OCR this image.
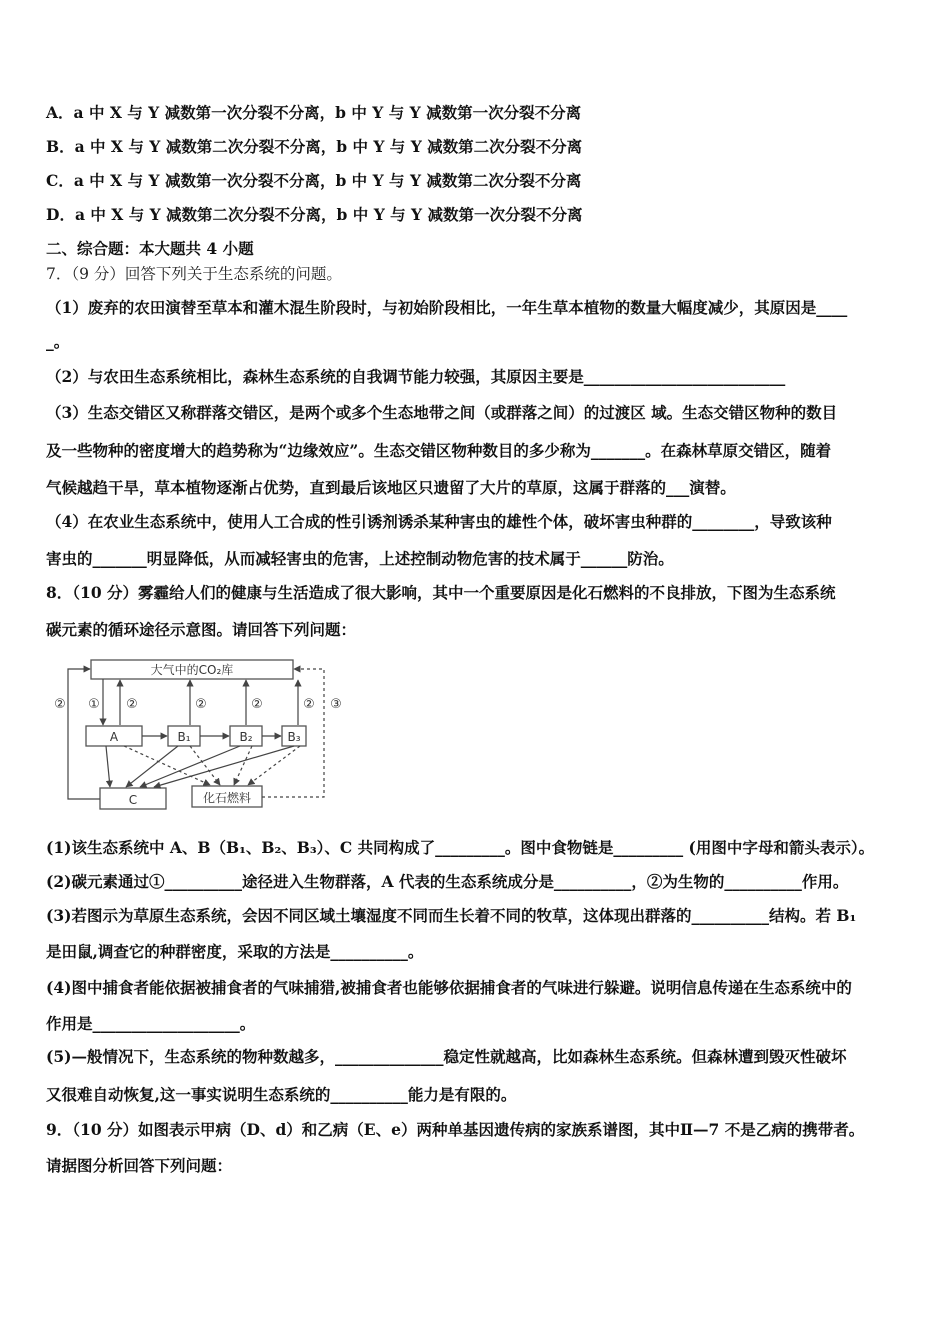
A．a 中 X 与 Y 减数第一次分裂不分离，b 中 Y 与 Y 减数第一次分裂不分离
B．a 中 X 与 Y 减数第二次分裂不分离，b 中 Y 与 Y 减数第二次分裂不分离
C．a 中 X 与 Y 减数第一次分裂不分离，b 中 Y 与 Y 减数第二次分裂不分离
D．a 中 X 与 Y 减数第二次分裂不分离，b 中 Y 与 Y 减数第一次分裂不分离
二、综合题：本大题共 4 小题
7．（9 分）回答下列关于生态系统的问题。
（1）废弃的农田演替至草本和灌木混生阶段时，与初始阶段相比，一年生草本植物的数量大幅度减少，其原因是____
_。
（2）与农田生态系统相比，森林生态系统的自我调节能力较强，其原因主要是__________________________
（3）生态交错区又称群落交错区，是两个或多个生态地带之间（或群落之间）的过渡区 域。生态交错区物种的数目
及一些物种的密度增大的趋势称为“边缘效应”。生态交错区物种数目的多少称为_______。在森林草原交错区，随着
气候越趋干旱，草本植物逐渐占优势，直到最后该地区只遗留了大片的草原，这属于群落的___演替。
（4）在农业生态系统中，使用人工合成的性引诱剂诱杀某种害虫的雄性个体，破坏害虫种群的________，导致该种
害虫的_______明显降低，从而减轻害虫的危害，上述控制动物危害的技术属于______防治。
8．（10 分）雾霾给人们的健康与生活造成了很大影响，其中一个重要原因是化石燃料的不良排放，下图为生态系统
碳元素的循环途径示意图。请回答下列问题：
大气中的CO₂库
A	B₁	B₂	B₃
C	化石燃料
① ②	②	②	②
②	③
(1)该生态系统中 A、B（B₁、B₂、B₃）、C 共同构成了_________。图中食物链是_________ (用图中字母和箭头表示）。
(2)碳元素通过①__________途径进入生物群落，A 代表的生态系统成分是__________，②为生物的__________作用。
(3)若图示为草原生态系统，会因不同区域土壤湿度不同而生长着不同的牧草，这体现出群落的__________结构。若 B₁
是田鼠,调查它的种群密度，采取的方法是__________。
(4)图中捕食者能依据被捕食者的气味捕猎,被捕食者也能够依据捕食者的气味进行躲避。说明信息传递在生态系统中的
作用是___________________。
(5)—般情况下，生态系统的物种数越多，______________稳定性就越高，比如森林生态系统。但森林遭到毁灭性破坏
又很难自动恢复,这一事实说明生态系统的__________能力是有限的。
9．（10 分）如图表示甲病（D、d）和乙病（E、e）两种单基因遗传病的家族系谱图，其中Ⅱ—7 不是乙病的携带者。
请据图分析回答下列问题：
